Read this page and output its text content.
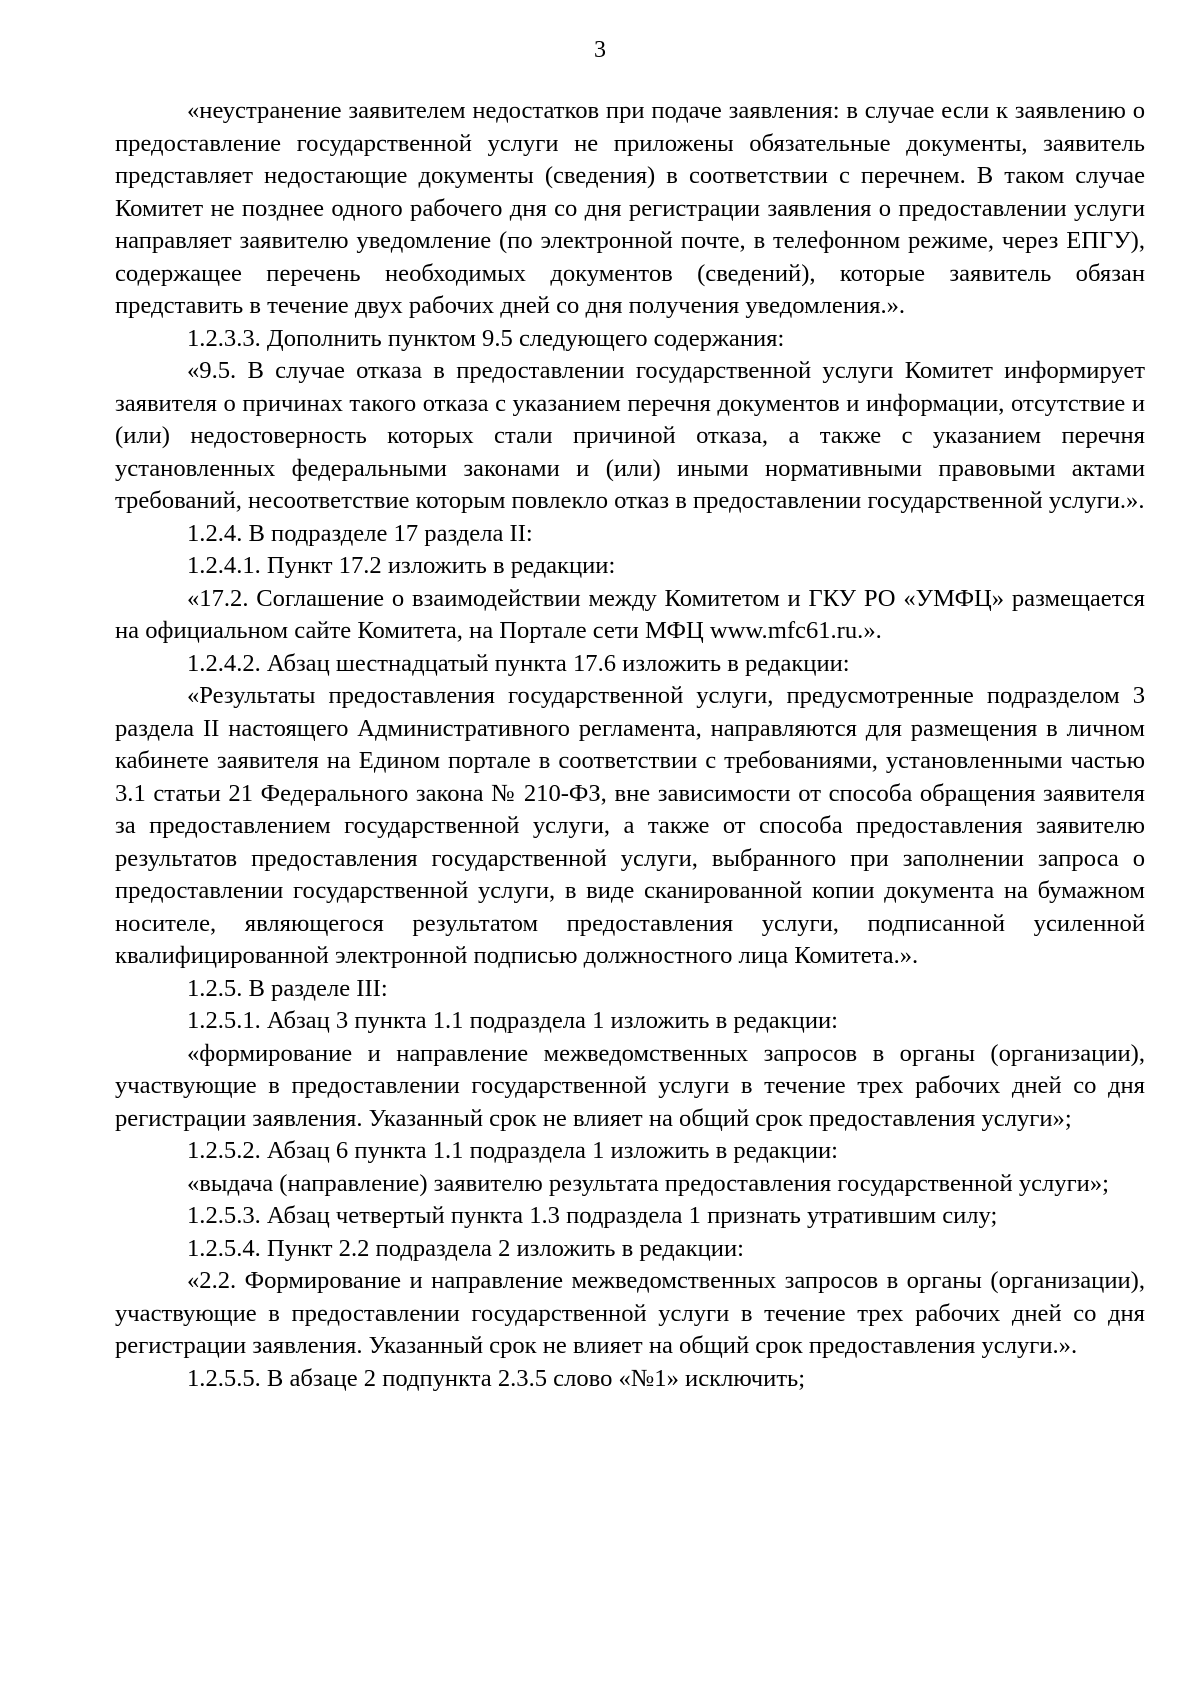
3

«неустранение заявителем недостатков при подаче заявления: в случае если к заявлению о предоставление государственной услуги не приложены обязательные документы, заявитель представляет недостающие документы (сведения) в соответствии с перечнем. В таком случае Комитет не позднее одного рабочего дня со дня регистрации заявления о предоставлении услуги направляет заявителю уведомление (по электронной почте, в телефонном режиме, через ЕПГУ), содержащее перечень необходимых документов (сведений), которые заявитель обязан представить в течение двух рабочих дней со дня получения уведомления.».

1.2.3.3. Дополнить пунктом 9.5 следующего содержания:

«9.5. В случае отказа в предоставлении государственной услуги Комитет информирует заявителя о причинах такого отказа с указанием перечня документов и информации, отсутствие и (или) недостоверность которых стали причиной отказа, а также с указанием перечня установленных федеральными законами и (или) иными нормативными правовыми актами требований, несоответствие которым повлекло отказ в предоставлении государственной услуги.».

1.2.4. В подразделе 17 раздела II:

1.2.4.1. Пункт 17.2 изложить в редакции:

«17.2. Соглашение о взаимодействии между Комитетом и ГКУ РО «УМФЦ» размещается на официальном сайте Комитета, на Портале сети МФЦ www.mfc61.ru.».

1.2.4.2. Абзац шестнадцатый пункта 17.6 изложить в редакции:

«Результаты предоставления государственной услуги, предусмотренные подразделом 3 раздела II настоящего Административного регламента, направляются для размещения в личном кабинете заявителя на Едином портале в соответствии с требованиями, установленными частью 3.1 статьи 21 Федерального закона № 210-ФЗ, вне зависимости от способа обращения заявителя за предоставлением государственной услуги, а также от способа предоставления заявителю результатов предоставления государственной услуги, выбранного при заполнении запроса о предоставлении государственной услуги, в виде сканированной копии документа на бумажном носителе, являющегося результатом предоставления услуги, подписанной усиленной квалифицированной электронной подписью должностного лица Комитета.».

1.2.5. В разделе III:

1.2.5.1. Абзац 3 пункта 1.1 подраздела 1 изложить в редакции:

«формирование и направление межведомственных запросов в органы (организации), участвующие в предоставлении государственной услуги в течение трех рабочих дней со дня регистрации заявления. Указанный срок не влияет на общий срок предоставления услуги»;

1.2.5.2. Абзац 6 пункта 1.1 подраздела 1 изложить в редакции:

«выдача (направление) заявителю результата предоставления государственной услуги»;

1.2.5.3. Абзац четвертый пункта 1.3 подраздела 1 признать утратившим силу;

1.2.5.4. Пункт 2.2 подраздела 2 изложить в редакции:

«2.2. Формирование и направление межведомственных запросов в органы (организации), участвующие в предоставлении государственной услуги в течение трех рабочих дней со дня регистрации заявления. Указанный срок не влияет на общий срок предоставления услуги.».

1.2.5.5. В абзаце 2 подпункта 2.3.5 слово «№1» исключить;
